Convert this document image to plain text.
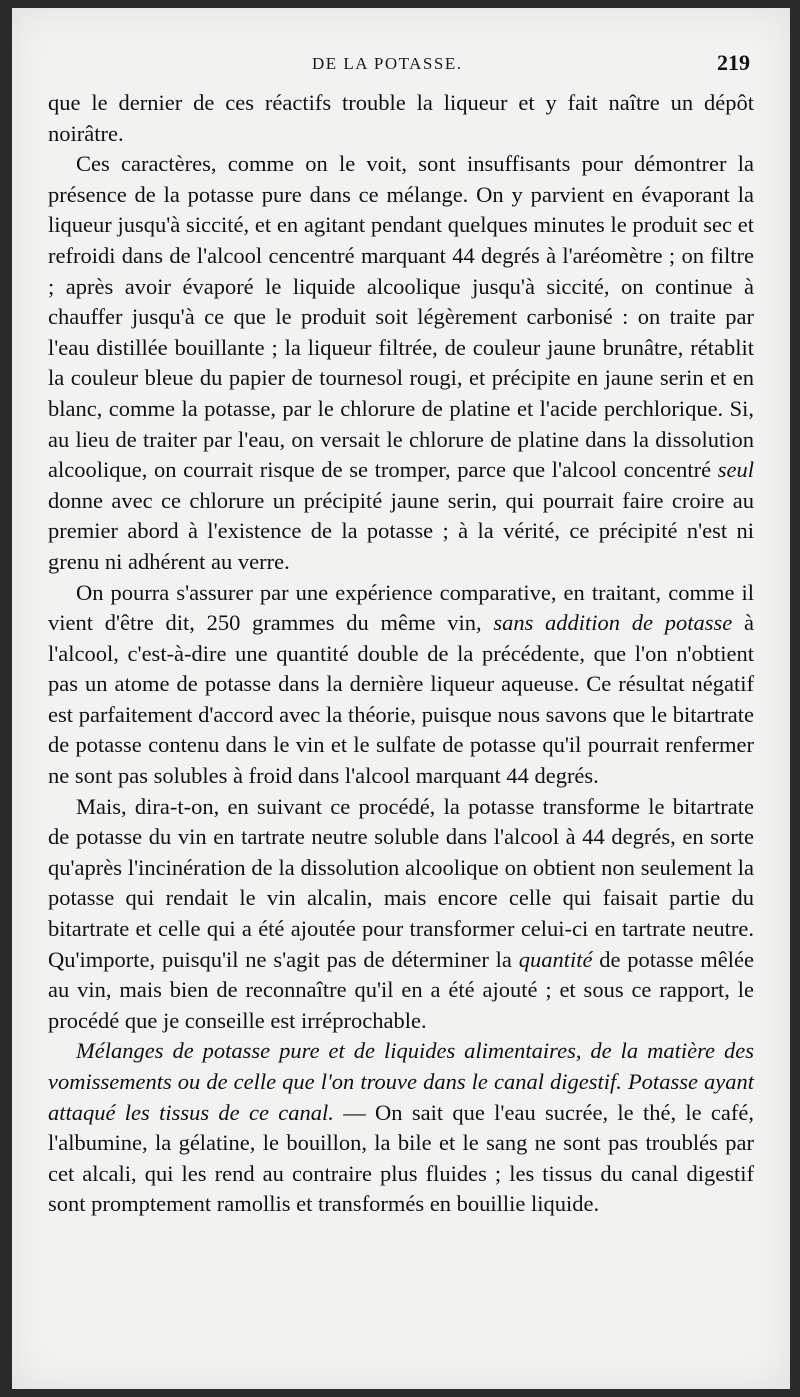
DE LA POTASSE.	219

que le dernier de ces réactifs trouble la liqueur et y fait naître un dépôt noirâtre.

Ces caractères, comme on le voit, sont insuffisants pour démontrer la présence de la potasse pure dans ce mélange. On y parvient en évaporant la liqueur jusqu'à siccité, et en agitant pendant quelques minutes le produit sec et refroidi dans de l'alcool cencentré marquant 44 degrés à l'aréomètre ; on filtre ; après avoir évaporé le liquide alcoolique jusqu'à siccité, on continue à chauffer jusqu'à ce que le produit soit légèrement carbonisé : on traite par l'eau distillée bouillante ; la liqueur filtrée, de couleur jaune brunâtre, rétablit la couleur bleue du papier de tournesol rougi, et précipite en jaune serin et en blanc, comme la potasse, par le chlorure de platine et l'acide perchlorique. Si, au lieu de traiter par l'eau, on versait le chlorure de platine dans la dissolution alcoolique, on courrait risque de se tromper, parce que l'alcool concentré seul donne avec ce chlorure un précipité jaune serin, qui pourrait faire croire au premier abord à l'existence de la potasse ; à la vérité, ce précipité n'est ni grenu ni adhérent au verre.

On pourra s'assurer par une expérience comparative, en traitant, comme il vient d'être dit, 250 grammes du même vin, sans addition de potasse à l'alcool, c'est-à-dire une quantité double de la précédente, que l'on n'obtient pas un atome de potasse dans la dernière liqueur aqueuse. Ce résultat négatif est parfaitement d'accord avec la théorie, puisque nous savons que le bitartrate de potasse contenu dans le vin et le sulfate de potasse qu'il pourrait renfermer ne sont pas solubles à froid dans l'alcool marquant 44 degrés.

Mais, dira-t-on, en suivant ce procédé, la potasse transforme le bitartrate de potasse du vin en tartrate neutre soluble dans l'alcool à 44 degrés, en sorte qu'après l'incinération de la dissolution alcoolique on obtient non seulement la potasse qui rendait le vin alcalin, mais encore celle qui faisait partie du bitartrate et celle qui a été ajoutée pour transformer celui-ci en tartrate neutre. Qu'importe, puisqu'il ne s'agit pas de déterminer la quantité de potasse mêlée au vin, mais bien de reconnaître qu'il en a été ajouté ; et sous ce rapport, le procédé que je conseille est irréprochable.

Mélanges de potasse pure et de liquides alimentaires, de la matière des vomissements ou de celle que l'on trouve dans le canal digestif. Potasse ayant attaqué les tissus de ce canal. — On sait que l'eau sucrée, le thé, le café, l'albumine, la gélatine, le bouillon, la bile et le sang ne sont pas troublés par cet alcali, qui les rend au contraire plus fluides ; les tissus du canal digestif sont promptement ramollis et transformés en bouillie liquide.
